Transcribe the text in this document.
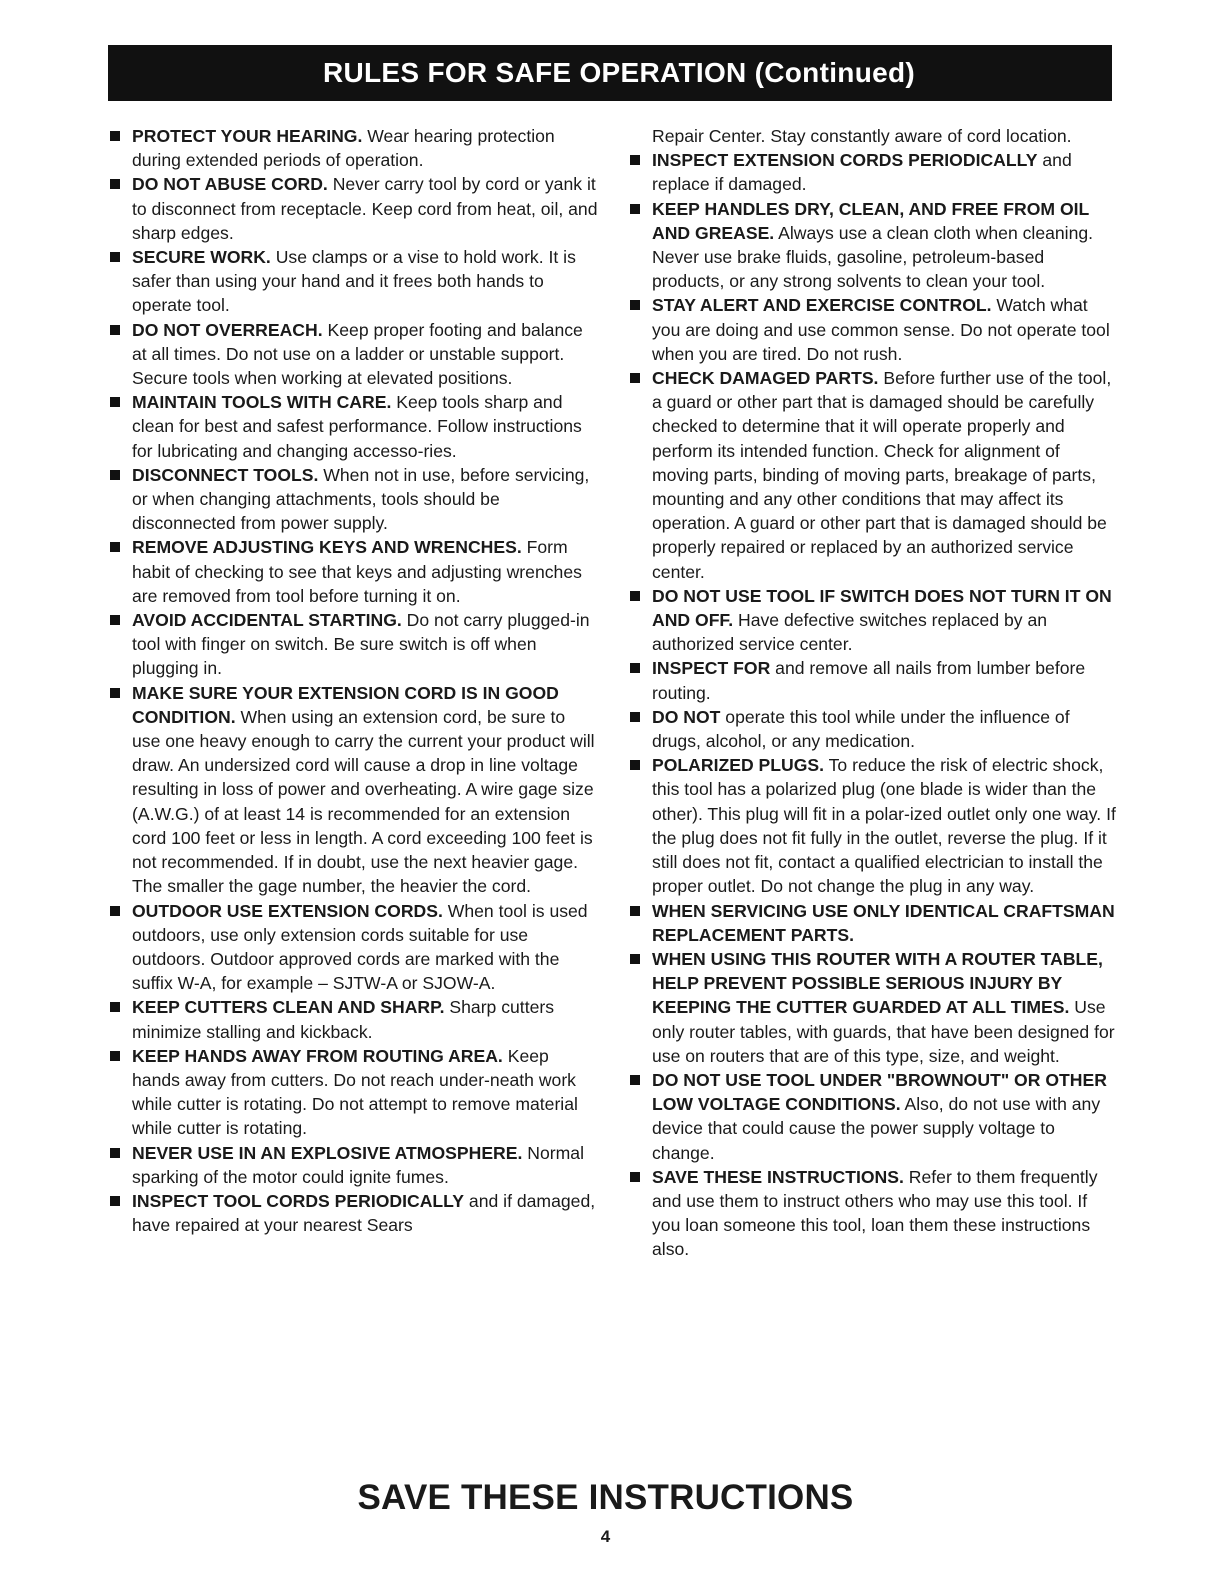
RULES FOR SAFE OPERATION (Continued)

PROTECT YOUR HEARING. Wear hearing protection during extended periods of operation.

DO NOT ABUSE CORD. Never carry tool by cord or yank it to disconnect from receptacle. Keep cord from heat, oil, and sharp edges.

SECURE WORK. Use clamps or a vise to hold work. It is safer than using your hand and it frees both hands to operate tool.

DO NOT OVERREACH. Keep proper footing and balance at all times. Do not use on a ladder or unstable support. Secure tools when working at elevated positions.

MAINTAIN TOOLS WITH CARE. Keep tools sharp and clean for best and safest performance. Follow instructions for lubricating and changing accesso-ries.

DISCONNECT TOOLS. When not in use, before servicing, or when changing attachments, tools should be disconnected from power supply.

REMOVE ADJUSTING KEYS AND WRENCHES. Form habit of checking to see that keys and adjusting wrenches are removed from tool before turning it on.

AVOID ACCIDENTAL STARTING. Do not carry plugged-in tool with finger on switch. Be sure switch is off when plugging in.

MAKE SURE YOUR EXTENSION CORD IS IN GOOD CONDITION. When using an extension cord, be sure to use one heavy enough to carry the current your product will draw. An undersized cord will cause a drop in line voltage resulting in loss of power and overheating. A wire gage size (A.W.G.) of at least 14 is recommended for an extension cord 100 feet or less in length. A cord exceeding 100 feet is not recommended. If in doubt, use the next heavier gage. The smaller the gage number, the heavier the cord.

OUTDOOR USE EXTENSION CORDS. When tool is used outdoors, use only extension cords suitable for use outdoors. Outdoor approved cords are marked with the suffix W-A, for example – SJTW-A or SJOW-A.

KEEP CUTTERS CLEAN AND SHARP. Sharp cutters minimize stalling and kickback.

KEEP HANDS AWAY FROM ROUTING AREA. Keep hands away from cutters. Do not reach under-neath work while cutter is rotating. Do not attempt to remove material while cutter is rotating.

NEVER USE IN AN EXPLOSIVE ATMOSPHERE. Normal sparking of the motor could ignite fumes.

INSPECT TOOL CORDS PERIODICALLY and if damaged, have repaired at your nearest Sears

Repair Center. Stay constantly aware of cord location.

INSPECT EXTENSION CORDS PERIODICALLY and replace if damaged.

KEEP HANDLES DRY, CLEAN, AND FREE FROM OIL AND GREASE. Always use a clean cloth when cleaning. Never use brake fluids, gasoline, petroleum-based products, or any strong solvents to clean your tool.

STAY ALERT AND EXERCISE CONTROL. Watch what you are doing and use common sense. Do not operate tool when you are tired. Do not rush.

CHECK DAMAGED PARTS. Before further use of the tool, a guard or other part that is damaged should be carefully checked to determine that it will operate properly and perform its intended function. Check for alignment of moving parts, binding of moving parts, breakage of parts, mounting and any other conditions that may affect its operation. A guard or other part that is damaged should be properly repaired or replaced by an authorized service center.

DO NOT USE TOOL IF SWITCH DOES NOT TURN IT ON AND OFF. Have defective switches replaced by an authorized service center.

INSPECT FOR and remove all nails from lumber before routing.

DO NOT operate this tool while under the influence of drugs, alcohol, or any medication.

POLARIZED PLUGS. To reduce the risk of electric shock, this tool has a polarized plug (one blade is wider than the other). This plug will fit in a polar-ized outlet only one way. If the plug does not fit fully in the outlet, reverse the plug. If it still does not fit, contact a qualified electrician to install the proper outlet. Do not change the plug in any way.

WHEN SERVICING USE ONLY IDENTICAL CRAFTSMAN REPLACEMENT PARTS.

WHEN USING THIS ROUTER WITH A ROUTER TABLE, HELP PREVENT POSSIBLE SERIOUS INJURY BY KEEPING THE CUTTER GUARDED AT ALL TIMES. Use only router tables, with guards, that have been designed for use on routers that are of this type, size, and weight.

DO NOT USE TOOL UNDER "BROWNOUT" OR OTHER LOW VOLTAGE CONDITIONS. Also, do not use with any device that could cause the power supply voltage to change.

SAVE THESE INSTRUCTIONS. Refer to them frequently and use them to instruct others who may use this tool. If you loan someone this tool, loan them these instructions also.

SAVE THESE INSTRUCTIONS
4
